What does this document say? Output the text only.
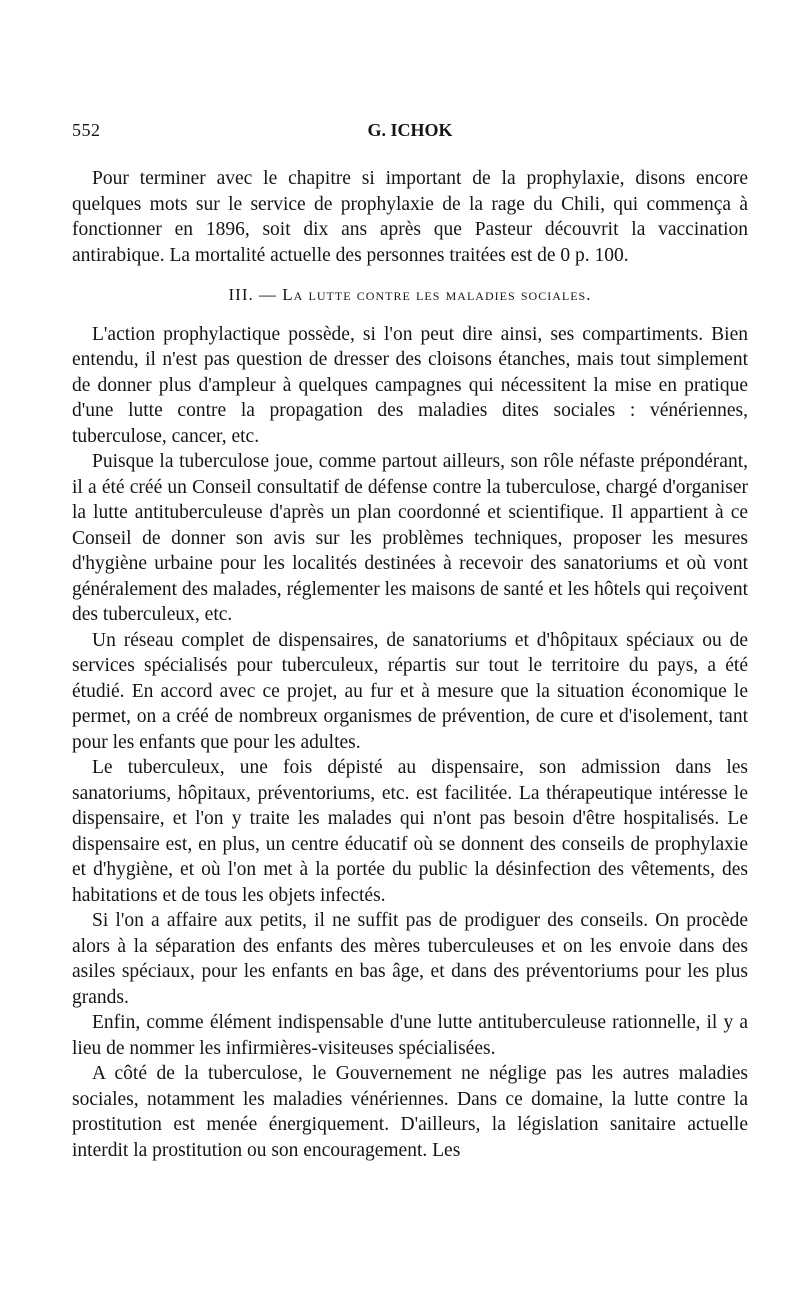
552	G. ICHOK

Pour terminer avec le chapitre si important de la prophylaxie, disons encore quelques mots sur le service de prophylaxie de la rage du Chili, qui commença à fonctionner en 1896, soit dix ans après que Pasteur découvrit la vaccination antirabique. La mortalité actuelle des personnes traitées est de 0 p. 100.

III. — La lutte contre les maladies sociales.

L'action prophylactique possède, si l'on peut dire ainsi, ses compartiments. Bien entendu, il n'est pas question de dresser des cloisons étanches, mais tout simplement de donner plus d'ampleur à quelques campagnes qui nécessitent la mise en pratique d'une lutte contre la propagation des maladies dites sociales : vénériennes, tuberculose, cancer, etc.

Puisque la tuberculose joue, comme partout ailleurs, son rôle néfaste prépondérant, il a été créé un Conseil consultatif de défense contre la tuberculose, chargé d'organiser la lutte antituberculeuse d'après un plan coordonné et scientifique. Il appartient à ce Conseil de donner son avis sur les problèmes techniques, proposer les mesures d'hygiène urbaine pour les localités destinées à recevoir des sanatoriums et où vont généralement des malades, réglementer les maisons de santé et les hôtels qui reçoivent des tuberculeux, etc.

Un réseau complet de dispensaires, de sanatoriums et d'hôpitaux spéciaux ou de services spécialisés pour tuberculeux, répartis sur tout le territoire du pays, a été étudié. En accord avec ce projet, au fur et à mesure que la situation économique le permet, on a créé de nombreux organismes de prévention, de cure et d'isolement, tant pour les enfants que pour les adultes.

Le tuberculeux, une fois dépisté au dispensaire, son admission dans les sanatoriums, hôpitaux, préventoriums, etc. est facilitée. La thérapeutique intéresse le dispensaire, et l'on y traite les malades qui n'ont pas besoin d'être hospitalisés. Le dispensaire est, en plus, un centre éducatif où se donnent des conseils de prophylaxie et d'hygiène, et où l'on met à la portée du public la désinfection des vêtements, des habitations et de tous les objets infectés.

Si l'on a affaire aux petits, il ne suffit pas de prodiguer des conseils. On procède alors à la séparation des enfants des mères tuberculeuses et on les envoie dans des asiles spéciaux, pour les enfants en bas âge, et dans des préventoriums pour les plus grands.

Enfin, comme élément indispensable d'une lutte antituberculeuse rationnelle, il y a lieu de nommer les infirmières-visiteuses spécialisées.

A côté de la tuberculose, le Gouvernement ne néglige pas les autres maladies sociales, notamment les maladies vénériennes. Dans ce domaine, la lutte contre la prostitution est menée énergiquement. D'ailleurs, la législation sanitaire actuelle interdit la prostitution ou son encouragement. Les
